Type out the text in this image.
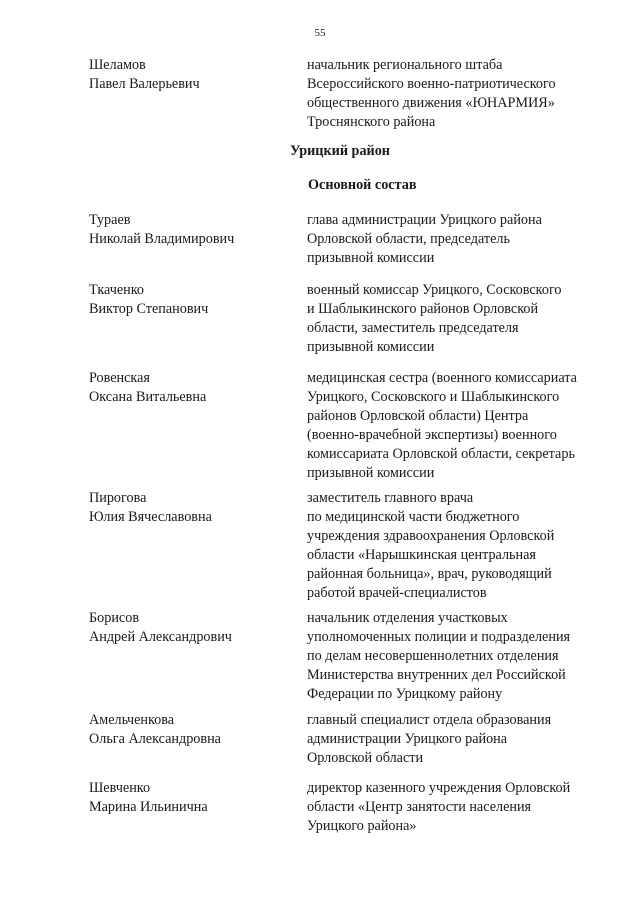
55
Шеламов
Павел Валерьевич
начальник регионального штаба
Всероссийского военно-патриотического
общественного движения «ЮНАРМИЯ»
Троснянского района
Урицкий район
Основной состав
Тураев
Николай Владимирович
глава администрации Урицкого района
Орловской области, председатель
призывной комиссии
Ткаченко
Виктор Степанович
военный комиссар Урицкого, Сосковского
и Шаблыкинского районов Орловской
области, заместитель председателя
призывной комиссии
Ровенская
Оксана Витальевна
медицинская сестра (военного комиссариата
Урицкого, Сосковского и Шаблыкинского
районов Орловской области) Центра
(военно-врачебной экспертизы) военного
комиссариата Орловской области, секретарь
призывной комиссии
Пирогова
Юлия Вячеславовна
заместитель главного врача
по медицинской части бюджетного
учреждения здравоохранения Орловской
области «Нарышкинская центральная
районная больница», врач, руководящий
работой врачей-специалистов
Борисов
Андрей Александрович
начальник отделения участковых
уполномоченных полиции и подразделения
по делам несовершеннолетних отделения
Министерства внутренних дел Российской
Федерации по Урицкому району
Амельченкова
Ольга Александровна
главный специалист отдела образования
администрации Урицкого района
Орловской области
Шевченко
Марина Ильинична
директор казенного учреждения Орловской
области «Центр занятости населения
Урицкого района»
